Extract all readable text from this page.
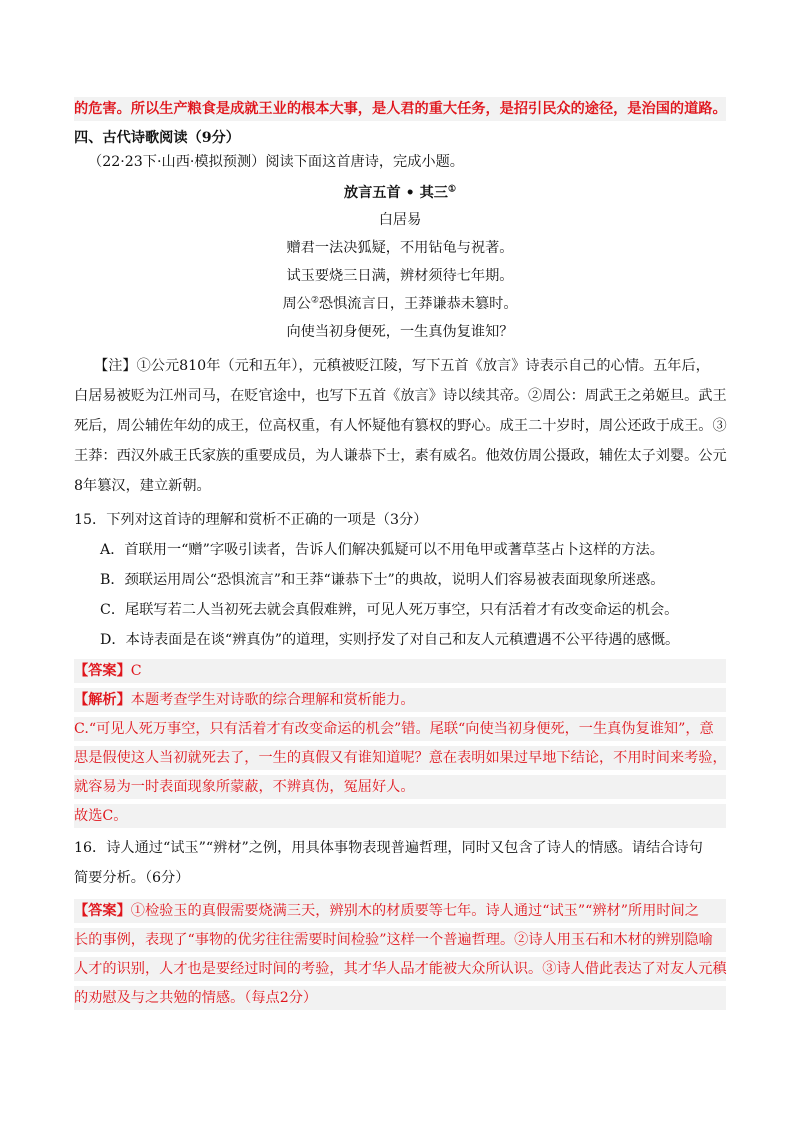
的危害。所以生产粮食是成就王业的根本大事，是人君的重大任务，是招引民众的途径，是治国的道路。
四、古代诗歌阅读（9分）
（22·23下·山西·模拟预测）阅读下面这首唐诗，完成小题。
放言五首 • 其三①
白居易
赠君一法决狐疑，不用钻龟与祝著。
试玉要烧三日满，辨材须待七年期。
周公②恐惧流言日，王莽谦恭未篡时。
向使当初身便死，一生真伪复谁知？
【注】①公元810年（元和五年），元稹被贬江陵，写下五首《放言》诗表示自己的心情。五年后，
白居易被贬为江州司马，在贬官途中，也写下五首《放言》诗以续其帝。②周公：周武王之弟姬旦。武王
死后，周公辅佐年幼的成王，位高权重，有人怀疑他有篡权的野心。成王二十岁时，周公还政于成王。③
王莽：西汉外戚王氏家族的重要成员，为人谦恭下士，素有威名。他效仿周公摄政，辅佐太子刘婴。公元
8年篡汉，建立新朝。
15．下列对这首诗的理解和赏析不正确的一项是（3分）
A．首联用一“赠”字吸引读者，告诉人们解决狐疑可以不用龟甲或蓍草茎占卜这样的方法。
B．颈联运用周公“恐惧流言”和王莽“谦恭下士”的典故，说明人们容易被表面现象所迷惑。
C．尾联写若二人当初死去就会真假难辨，可见人死万事空，只有活着才有改变命运的机会。
D．本诗表面是在谈“辨真伪”的道理，实则抒发了对自己和友人元稹遭遇不公平待遇的感慨。
【答案】C
【解析】本题考查学生对诗歌的综合理解和赏析能力。
C.“可见人死万事空，只有活着才有改变命运的机会”错。尾联“向使当初身便死，一生真伪复谁知”，意
思是假使这人当初就死去了，一生的真假又有谁知道呢？意在表明如果过早地下结论，不用时间来考验，
就容易为一时表面现象所蒙蔽，不辨真伪，冤屈好人。
故选C。
16．诗人通过“试玉”“辨材”之例，用具体事物表现普遍哲理，同时又包含了诗人的情感。请结合诗句
简要分析。（6分）
【答案】①检验玉的真假需要烧满三天，辨别木的材质要等七年。诗人通过“试玉”“辨材”所用时间之
长的事例，表现了“事物的优劣往往需要时间检验”这样一个普遍哲理。②诗人用玉石和木材的辨别隐喻
人才的识别，人才也是要经过时间的考验，其才华人品才能被大众所认识。③诗人借此表达了对友人元稹
的劝慰及与之共勉的情感。（每点2分）
